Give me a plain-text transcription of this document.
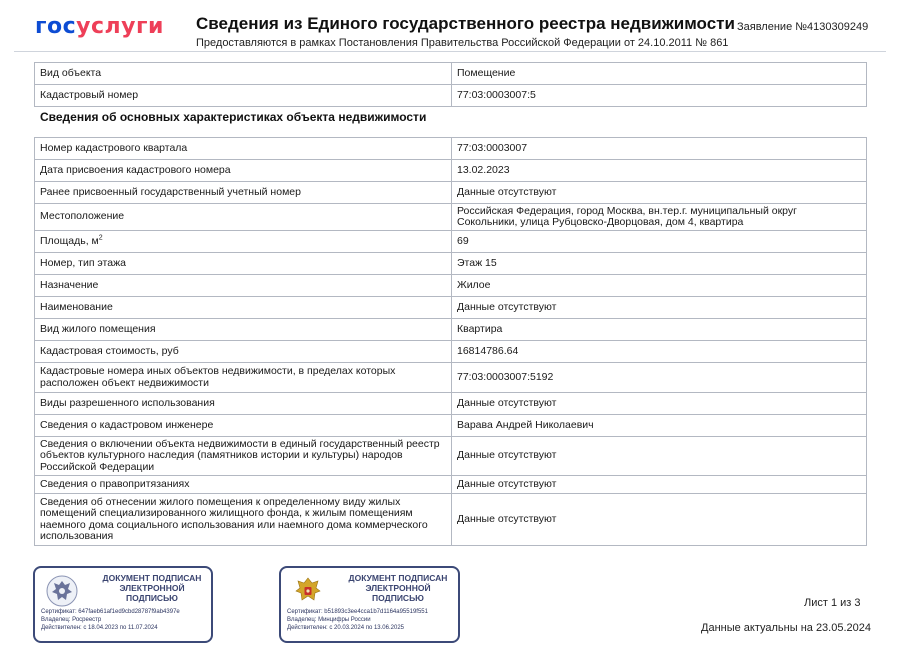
госуслуги Сведения из Единого государственного реестра недвижимости
Предоставляются в рамках Постановления Правительства Российской Федерации от 24.10.2011 № 861
Заявление №4130309249
Вид объекта	Помещение
Кадастровый номер	77:03:0003007:5
Сведения об основных характеристиках объекта недвижимости
Номер кадастрового квартала	77:03:0003007
Дата присвоения кадастрового номера	13.02.2023
Ранее присвоенный государственный учетный номер	Данные отсутствуют
Местоположение	Российская Федерация, город Москва, вн.тер.г. муниципальный округ
Сокольники, улица Рубцовско-Дворцовая, дом 4, квартира

Площадь, $м^2$	69
Номер, тип этажа	Этаж 15
Назначение	Жилое
Наименование	Данные отсутствуют
Вид жилого помещения	Квартира
Кадастровая стоимость, руб	16814786.64

Кадастровые номера иных объектов недвижимости, в пределах которых
расположен объект недвижимости	77:03:0003007:5192
Виды разрешенного использования	Данные отсутствуют
Сведения о кадастровом инженере	Варава Андрей Николаевич

Сведения о включении объекта недвижимости в единый государственный реестр
объектов культурного наследия (памятников истории и культуры) народов
Российской Федерации	Данные отсутствуют
Сведения о правопритязаниях	Данные отсутствуют

Сведения об отнесении жилого помещения к определенному виду жилых
помещений специализированного жилищного фонда, к жилым помещениям
наемного дома социального использования или наемного дома коммерческого
использования	Данные отсутствуют
ДОКУМЕНТ ПОДПИСАН
ЭЛЕКТРОННОЙ
ПОДПИСЬЮ
Сертификат: 647faeb61af1ed9cbd28787f9ab4397e
Владелец: Росреестр
Действителен: с 18.04.2023 по 11.07.2024
ДОКУМЕНТ ПОДПИСАН
ЭЛЕКТРОННОЙ
ПОДПИСЬЮ
Сертификат: b51893c3ee4cca1b7d1164a95519f551
Владелец: Минцифры России
Действителен: с 20.03.2024 по 13.06.2025
Лист 1 из 3
Данные актуальны на 23.05.2024
